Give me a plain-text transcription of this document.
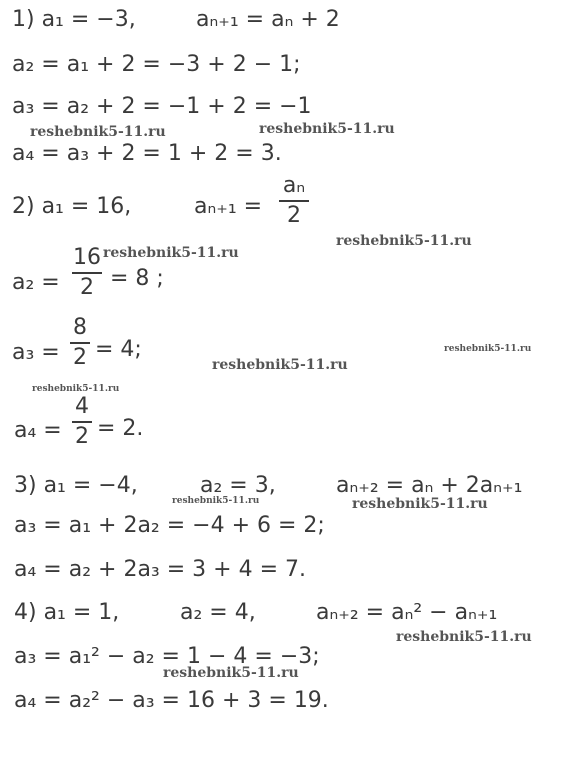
1) a₁ = −3,	aₙ₊₁ = aₙ + 2
a₂ = a₁ + 2 = −3 + 2 − 1;
a₃ = a₂ + 2 = −1 + 2 = −1
a₄ = a₃ + 2 = 1 + 2 = 3.
2) a₁ = 16,	aₙ₊₁ =
aₙ
2
a₂ =
16
2 = 8 ;
a₃ =
8
2 = 4;
a₄ =
4
2 = 2.
3) a₁ = −4,	a₂ = 3,	aₙ₊₂ = aₙ + 2aₙ₊₁
a₃ = a₁ + 2a₂ = −4 + 6 = 2;
a₄ = a₂ + 2a₃ = 3 + 4 = 7.
4) a₁ = 1,	a₂ = 4,	aₙ₊₂ = aₙ² − aₙ₊₁
a₃ = a₁² − a₂ = 1 − 4 = −3;
a₄ = a₂² − a₃ = 16 + 3 = 19.
reshebnik5-11.ru	reshebnik5-11.ru
reshebnik5-11.ru
reshebnik5-11.ru
reshebnik5-11.ru
reshebnik5-11.ru
reshebnik5-11.ru
reshebnik5-11.ru	reshebnik5-11.ru
reshebnik5-11.ru
reshebnik5-11.ru
